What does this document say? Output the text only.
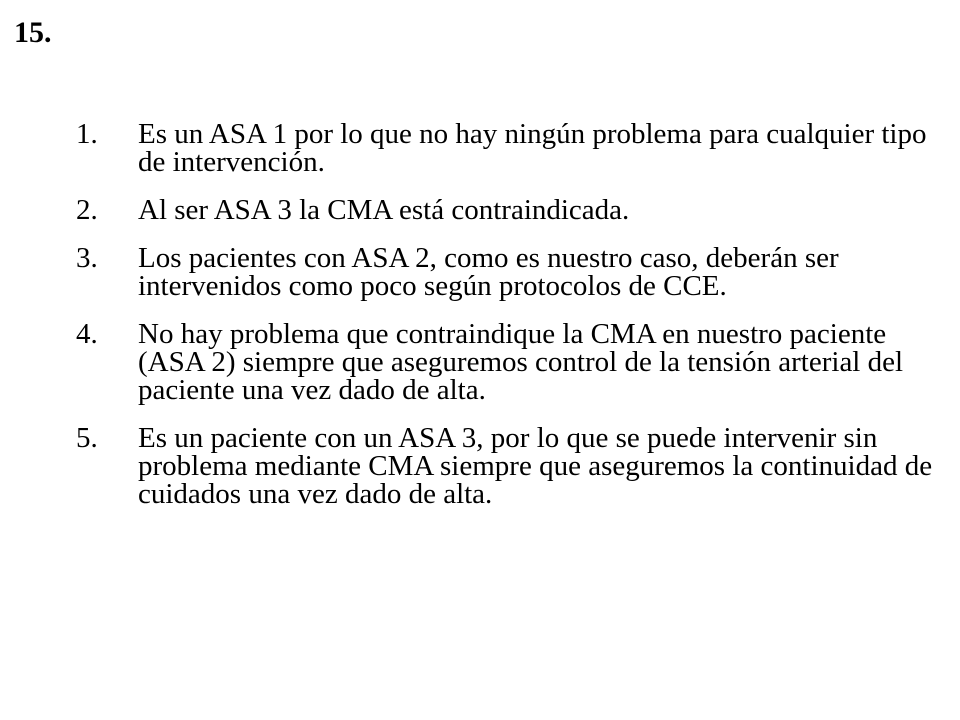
15.
1.	Es un ASA 1 por lo que no hay ningún problema para cualquier tipo de intervención.
2.	Al ser ASA 3 la CMA está contraindicada.
3.	Los pacientes con ASA 2, como es nuestro caso, deberán ser intervenidos como poco según protocolos de CCE.
4.	No hay problema que contraindique la CMA en nuestro paciente (ASA 2) siempre que aseguremos control de la tensión arterial del paciente una vez dado de alta.
5.	Es un paciente con un ASA 3, por lo que se puede intervenir sin problema mediante CMA siempre que aseguremos la continuidad de cuidados una vez dado de alta.
